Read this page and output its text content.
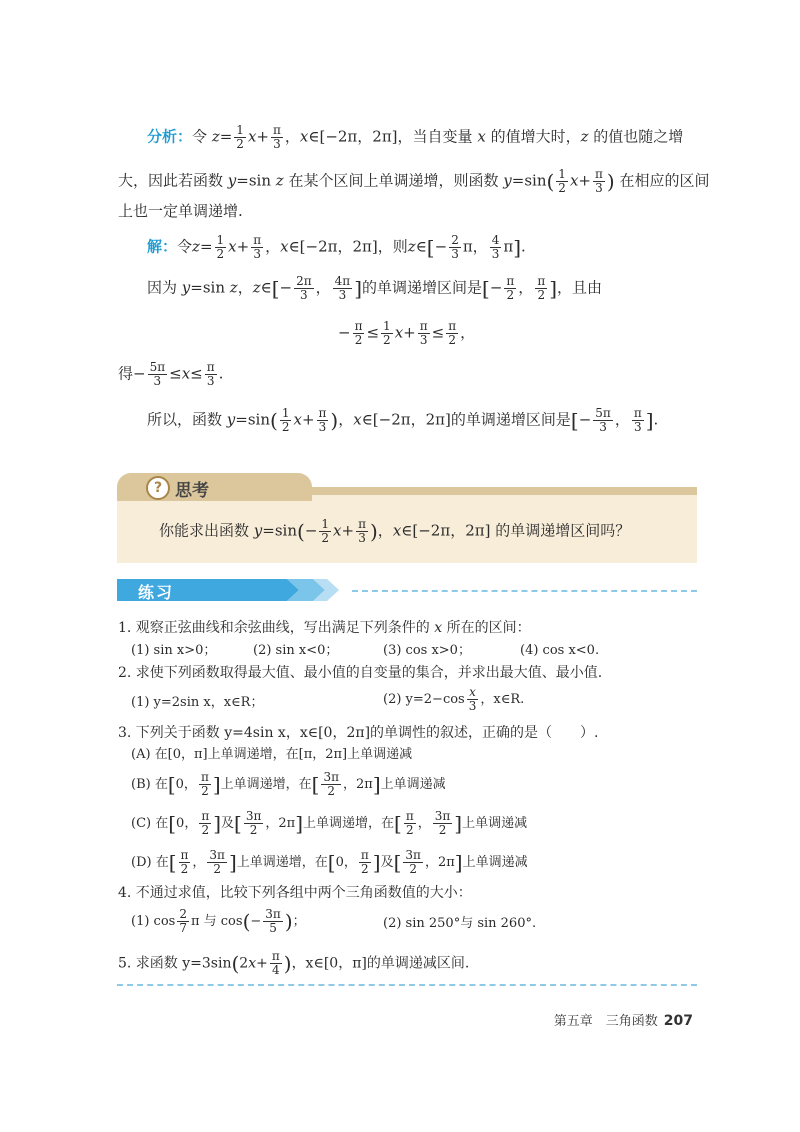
分析：令 $z= \frac{1}{2} x+ \frac{\pi}{3}$ ，x∈[−2π，2π]，当自变量 x 的值增大时，z 的值也随之增
大，因此若函数 y=sin z 在某个区间上单调递增，则函数 $y=\sin( \frac{1}{2} x+ \frac{\pi}{3}$ ) 在相应的区间
上也一定单调递增.
解：令$z= \frac{1}{2} x+ \frac{\pi}{3}$ ，x∈[−2π，2π]，则z∈[− $\frac{2}{3}$ π， $\frac{4}{3} \pi$].
因为 y=sin z，z∈[− $\frac{2\pi}{3}$ ， $\frac{4\pi}{3}$ ]的单调递增区间是[− $\frac{\pi}{2}$ ， $\frac{\pi}{2}$ ]，且由
− $\frac{\pi}{2} \le \frac{1}{2} x+ \frac{\pi}{3} \le \frac{\pi}{2}$ ，
得− $\frac{5\pi}{3} \le x\le \frac{\pi}{3}$ .
所以，函数 $y=\sin( \frac{1}{2} x+ \frac{\pi}{3}$ )，x∈[−2π，2π]的单调递增区间是[− $\frac{5\pi}{3}$ ， $\frac{\pi}{3}$ ].
? 思考
你能求出函数 $y=\sin(- \frac{1}{2} x+ \frac{\pi}{3}$ )，x∈[−2π，2π] 的单调递增区间吗？
练习
1. 观察正弦曲线和余弦曲线，写出满足下列条件的 x 所在的区间：
(1) sin x>0；	(2) sin x<0；	(3) cos x>0；	(4) cos x<0.
2. 求使下列函数取得最大值、最小值的自变量的集合，并求出最大值、最小值.
(1) y=2sin x，x∈R；	(2) $y=2-\cos \frac{x}{3}$ ，x∈R.
3. 下列关于函数 y=4sin x，x∈[0，2π]的单调性的叙述，正确的是（　　）.
(A) 在[0，π]上单调递增，在[π，2π]上单调递减
(B) 在[0， $\frac{\pi}{2}$ ]上单调递增，在[ $\frac{3\pi}{2}$ ，2π]上单调递减
(C) 在[0， $\frac{\pi}{2}$ ]及[ $\frac{3\pi}{2}$ ，2π]上单调递增，在[ $\frac{\pi}{2}$ ， $\frac{3\pi}{2}$ ]上单调递减
(D) 在[ $\frac{\pi}{2}$ ， $\frac{3\pi}{2}$ ]上单调递增，在[0， $\frac{\pi}{2}$ ]及[ $\frac{3\pi}{2}$ ，2π]上单调递减
4. 不通过求值，比较下列各组中两个三角函数值的大小：
(1) $\cos \frac{2}{7}$ π 与 $\cos(- \frac{3\pi}{5}$ )；	(2) sin 250°与 sin 260°.
5. 求函数 $y=3\sin(2x+ \frac{\pi}{4}$ )，x∈[0，π]的单调递减区间.
第五章　三角函数 207
